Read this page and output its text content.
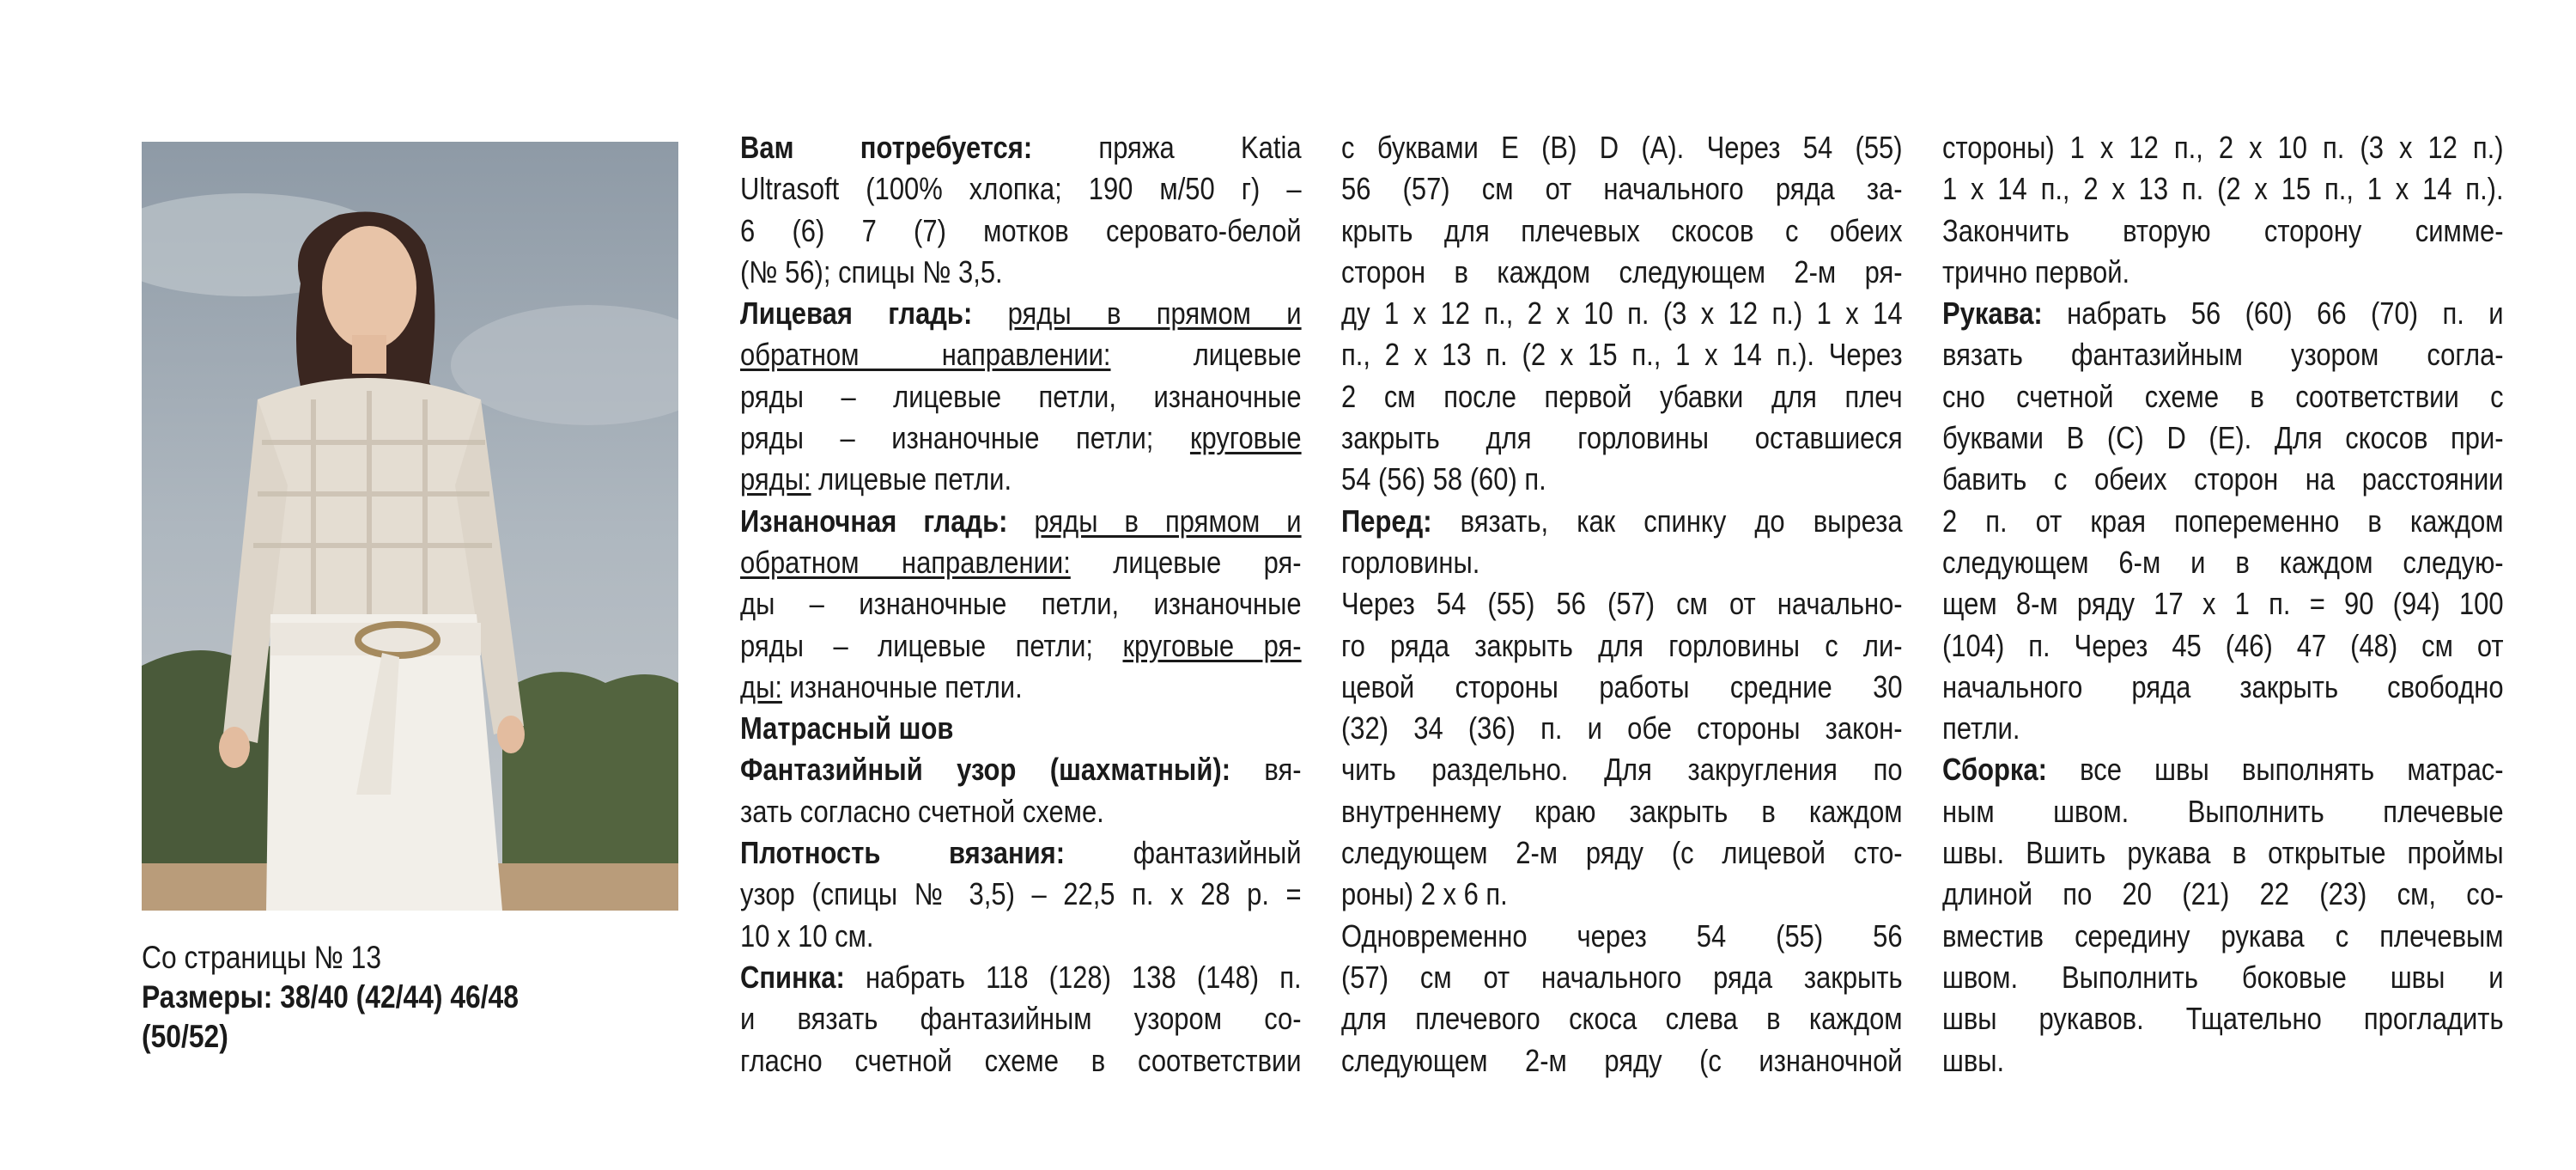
Со страницы № 13
Размеры: 38/40 (42/44) 46/48
(50/52)

Вам потребуется: пряжа Katia

Ultrasoft (100% хлопка; 190 м/50 г) –

6 (6) 7 (7) мотков серовато-белой

(№ 56); спицы № 3,5.

Лицевая гладь: ряды в прямом и

обратном направлении: лицевые

ряды – лицевые петли, изнаночные

ряды – изнаночные петли; круговые

ряды: лицевые петли.

Изнаночная гладь: ряды в прямом и

обратном направлении: лицевые ря-

ды – изнаночные петли, изнаночные

ряды – лицевые петли; круговые ря-

ды: изнаночные петли.

Матрасный шов

Фантазийный узор (шахматный): вя-

зать согласно счетной схеме.

Плотность вязания: фантазийный

узор (спицы № 3,5) – 22,5 п. х 28 р. =

10 х 10 см.

Спинка: набрать 118 (128) 138 (148) п.

и вязать фантазийным узором со-

гласно счетной схеме в соответствии

с буквами Е (В) D (А). Через 54 (55)

56 (57) см от начального ряда за-

крыть для плечевых скосов с обеих

сторон в каждом следующем 2-м ря-

ду 1 х 12 п., 2 х 10 п. (3 х 12 п.) 1 х 14

п., 2 х 13 п. (2 х 15 п., 1 х 14 п.). Через

2 см после первой убавки для плеч

закрыть для горловины оставшиеся

54 (56) 58 (60) п.

Перед: вязать, как спинку до выреза

горловины.

Через 54 (55) 56 (57) см от начально-

го ряда закрыть для горловины с ли-

цевой стороны работы средние 30

(32) 34 (36) п. и обе стороны закон-

чить раздельно. Для закругления по

внутреннему краю закрыть в каждом

следующем 2-м ряду (с лицевой сто-

роны) 2 х 6 п.

Одновременно через 54 (55) 56

(57) см от начального ряда закрыть

для плечевого скоса слева в каждом

следующем 2-м ряду (с изнаночной

стороны) 1 х 12 п., 2 х 10 п. (3 х 12 п.)

1 х 14 п., 2 х 13 п. (2 х 15 п., 1 х 14 п.).

Закончить вторую сторону симме-

трично первой.

Рукава: набрать 56 (60) 66 (70) п. и

вязать фантазийным узором согла-

сно счетной схеме в соответствии с

буквами В (С) D (Е). Для скосов при-

бавить с обеих сторон на расстоянии

2 п. от края попеременно в каждом

следующем 6-м и в каждом следую-

щем 8-м ряду 17 х 1 п. = 90 (94) 100

(104) п. Через 45 (46) 47 (48) см от

начального ряда закрыть свободно

петли.

Сборка: все швы выполнять матрас-

ным швом. Выполнить плечевые

швы. Вшить рукава в открытые проймы

длиной по 20 (21) 22 (23) см, со-

вместив середину рукава с плечевым

швом. Выполнить боковые швы и

швы рукавов. Тщательно прогладить

швы.
